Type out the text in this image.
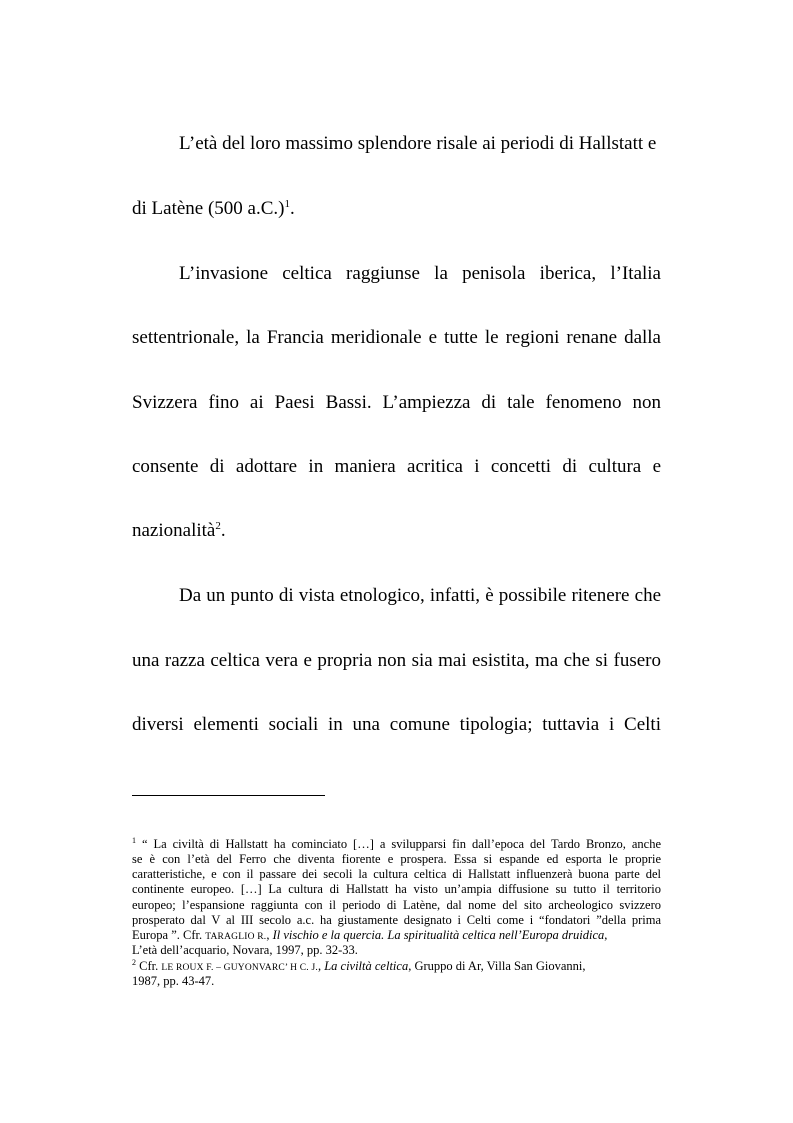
L’età del loro massimo splendore risale ai periodi di Hallstatt e
di Latène (500 a.C.)$^1$.
L’invasione celtica raggiunse la penisola iberica, l’Italia
settentrionale, la Francia meridionale e tutte le regioni renane dalla
Svizzera fino ai Paesi Bassi. L’ampiezza di tale fenomeno non
consente di adottare in maniera acritica i concetti di cultura e
nazionalità$^2$.
Da un punto di vista etnologico, infatti, è possibile ritenere che
una razza celtica vera e propria non sia mai esistita, ma che si fusero
diversi elementi sociali in una comune tipologia; tuttavia i Celti
$^1$ “ La civiltà di Hallstatt ha cominciato […] a svilupparsi fin dall’epoca del Tardo Bronzo, anche
se è con l’età del Ferro che diventa fiorente e prospera. Essa si espande ed esporta le proprie
caratteristiche, e con il passare dei secoli la cultura celtica di Hallstatt influenzerà buona parte del
continente europeo. […] La cultura di Hallstatt ha visto un’ampia diffusione su tutto il territorio
europeo; l’espansione raggiunta con il periodo di Latène, dal nome del sito archeologico svizzero
prosperato dal V al III secolo a.c. ha giustamente designato i Celti come i “fondatori ”della prima
Europa ”. Cfr. TARAGLIO R., Il vischio e la quercia. La spiritualità celtica nell’Europa druidica,
L’età dell’acquario, Novara, 1997, pp. 32-33.
$^2$ Cfr. LE ROUX F. – GUYONVARC’ H C. J., La civiltà celtica, Gruppo di Ar, Villa San Giovanni,
1987, pp. 43-47.
